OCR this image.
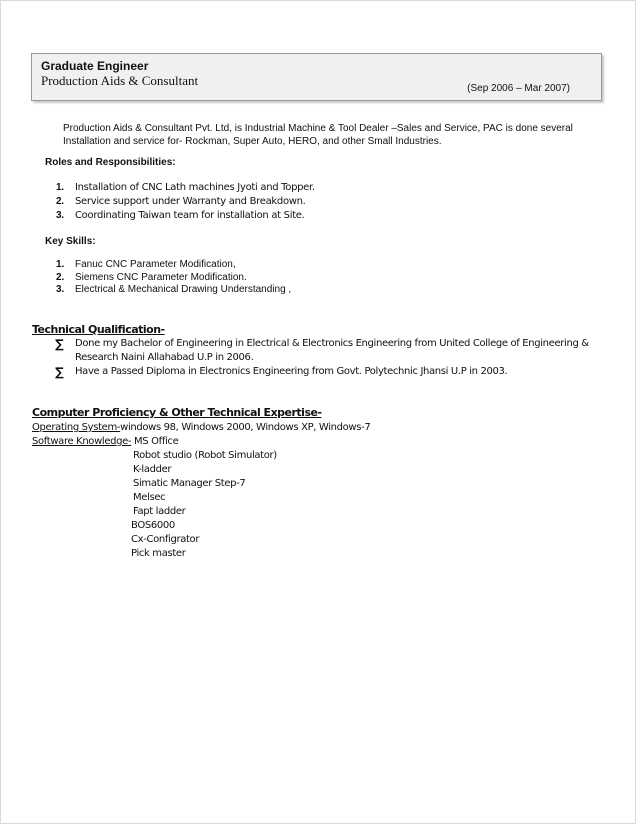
Graduate Engineer
Production Aids & Consultant
(Sep 2006 – Mar 2007)
Production Aids & Consultant Pvt. Ltd, is Industrial Machine & Tool Dealer –Sales and Service, PAC is done several
Installation and service for- Rockman, Super Auto, HERO, and other Small Industries.
Roles and Responsibilities:
1. Installation of CNC Lath machines Jyoti and Topper.
2. Service support under Warranty and Breakdown.
3. Coordinating Taiwan team for installation at Site.
Key Skills:
1. Fanuc CNC Parameter Modification,
2. Siemens CNC Parameter Modification.
3. Electrical & Mechanical Drawing Understanding ,
Technical Qualification-
∑	Done my Bachelor of Engineering in Electrical & Electronics Engineering from United College of Engineering &
Research Naini Allahabad U.P in 2006.
∑	Have a Passed Diploma in Electronics Engineering from Govt. Polytechnic Jhansi U.P in 2003.
Computer Proficiency & Other Technical Expertise-
Operating System-windows 98, Windows 2000, Windows XP, Windows-7
Software Knowledge- MS Office
Robot studio (Robot Simulator)
K-ladder
Simatic Manager Step-7
Melsec
Fapt ladder
BOS6000
Cx-Configrator
Pick master
